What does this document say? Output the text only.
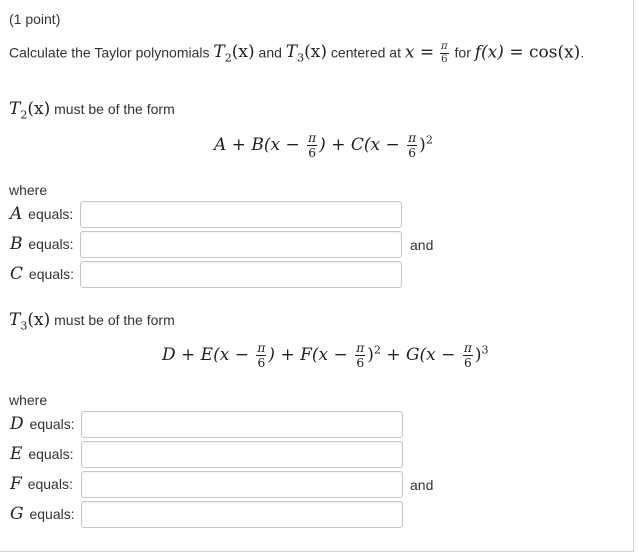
(1 point)
Calculate the Taylor polynomials $T_2(x)$ and $T_3(x)$ centered at $x = \frac{\pi}{6}$ for f(x) = cos(x).
$T_2(x)$ must be of the form
$A + B(x - \frac{\pi}{6}$ ) + $C(x - \frac{\pi}{6} )^2$
where
A equals:
B equals:	and
C equals:
$T_3(x)$ must be of the form
$D + E(x - \frac{\pi}{6}$ ) + $F(x - \frac{\pi}{6} )^2 + G(x - \frac{\pi}{6} )^3$
where
D equals:
E equals:
F equals:	and
G equals:
